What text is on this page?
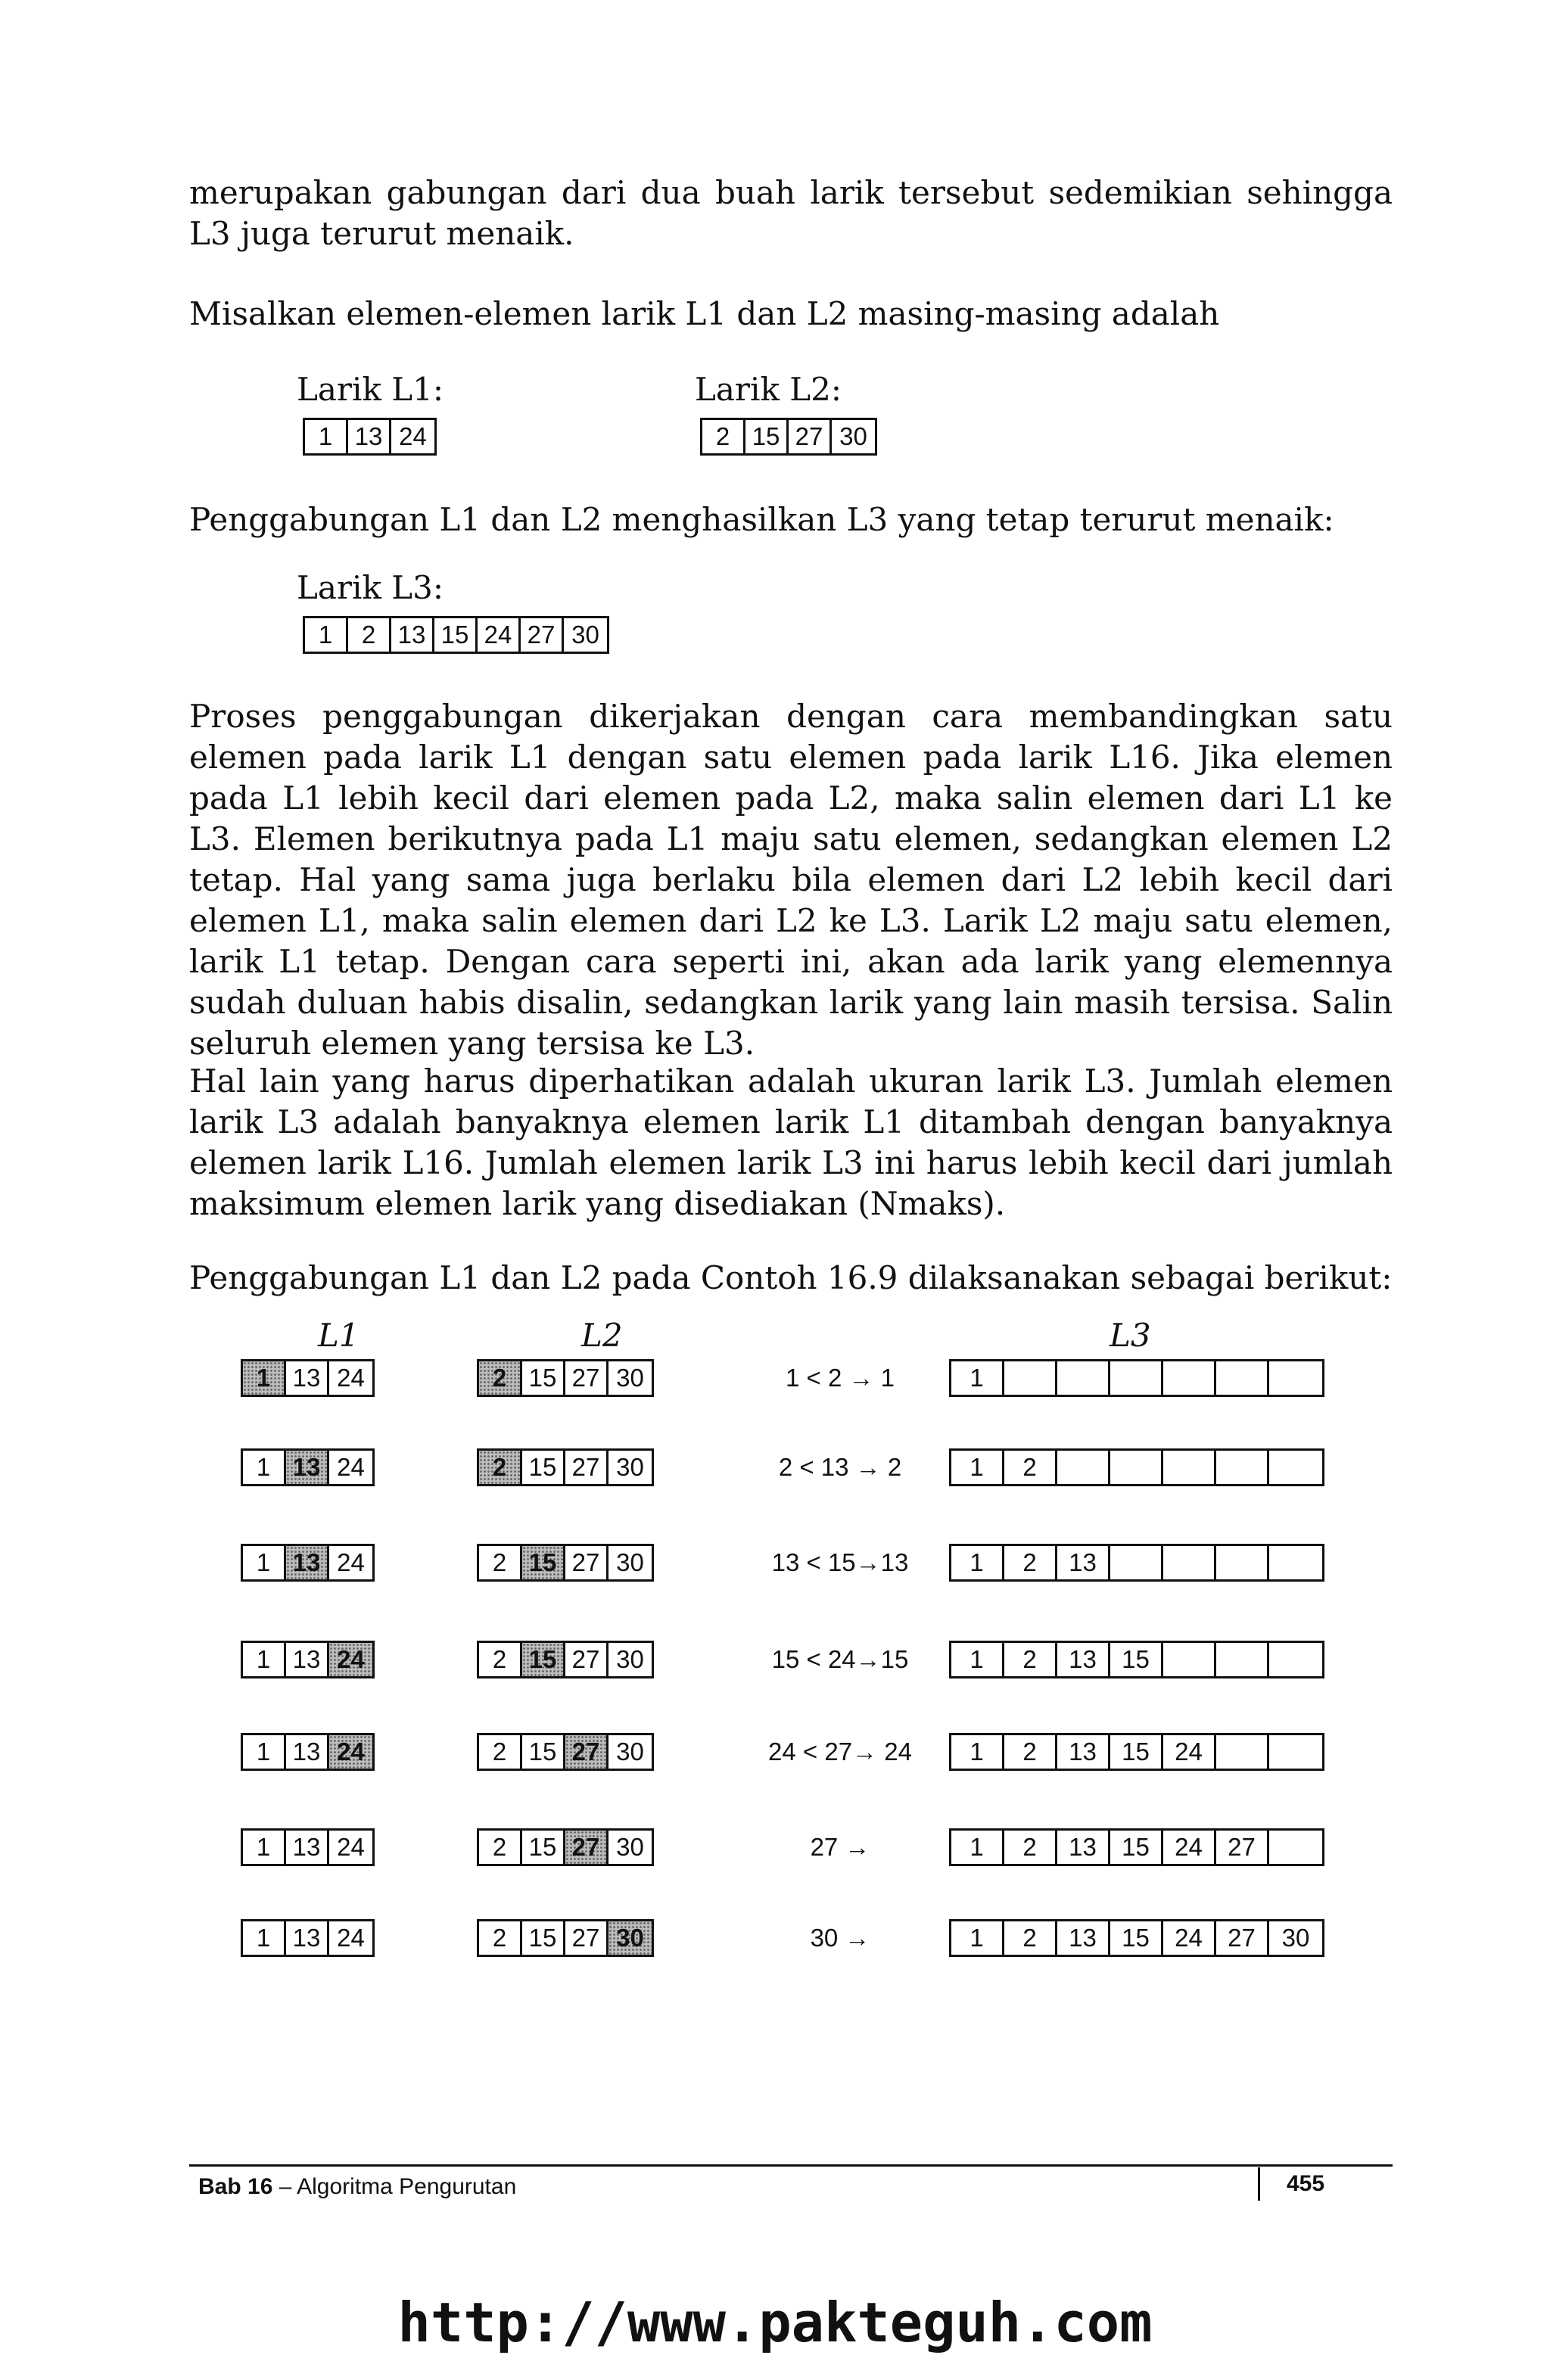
merupakan gabungan dari dua buah larik tersebut sedemikian sehingga L3 juga terurut menaik.

Misalkan elemen-elemen larik L1 dan L2 masing-masing adalah

Larik L1:
1 13 24
Larik L2:
2 15 27 30

Penggabungan L1 dan L2 menghasilkan L3 yang tetap terurut menaik:

Larik L3:
1	2 13 15 24 27 30

Proses penggabungan dikerjakan dengan cara membandingkan satu elemen pada larik L1 dengan satu elemen pada larik L16. Jika elemen pada L1 lebih kecil dari elemen pada L2, maka salin elemen dari L1 ke L3. Elemen berikutnya pada L1 maju satu elemen, sedangkan elemen L2 tetap. Hal yang sama juga berlaku bila elemen dari L2 lebih kecil dari elemen L1, maka salin elemen dari L2 ke L3. Larik L2 maju satu elemen, larik L1 tetap. Dengan cara seperti ini, akan ada larik yang elemennya sudah duluan habis disalin, sedangkan larik yang lain masih tersisa. Salin seluruh elemen yang tersisa ke L3.

Hal lain yang harus diperhatikan adalah ukuran larik L3. Jumlah elemen larik L3 adalah banyaknya elemen larik L1 ditambah dengan banyaknya elemen larik L16. Jumlah elemen larik L3 ini harus lebih kecil dari jumlah maksimum elemen larik yang disediakan (Nmaks).

Penggabungan L1 dan L2 pada Contoh 16.9 dilaksanakan sebagai berikut:

L1	L2	L3
1 13 24	2 15 27 30	1 < 2 → 1	1
1 13 24	2 15 27 30	2 < 13 → 2	1	2
1 13 24	2 15 27 30	13 < 15→13	1	2	13
1 13 24	2 15 27 30	15 < 24→15	1	2	13	15
1 13 24	2 15 27 30	24 < 27→ 24	1	2	13	15	24
1 13 24	2 15 27 30	27 →	1	2	13	15	24	27
1 13 24	2 15 27 30	30 →	1	2	13	15	24	27	30
Bab 16 – Algoritma Pengurutan	455
http://www.pakteguh.com
